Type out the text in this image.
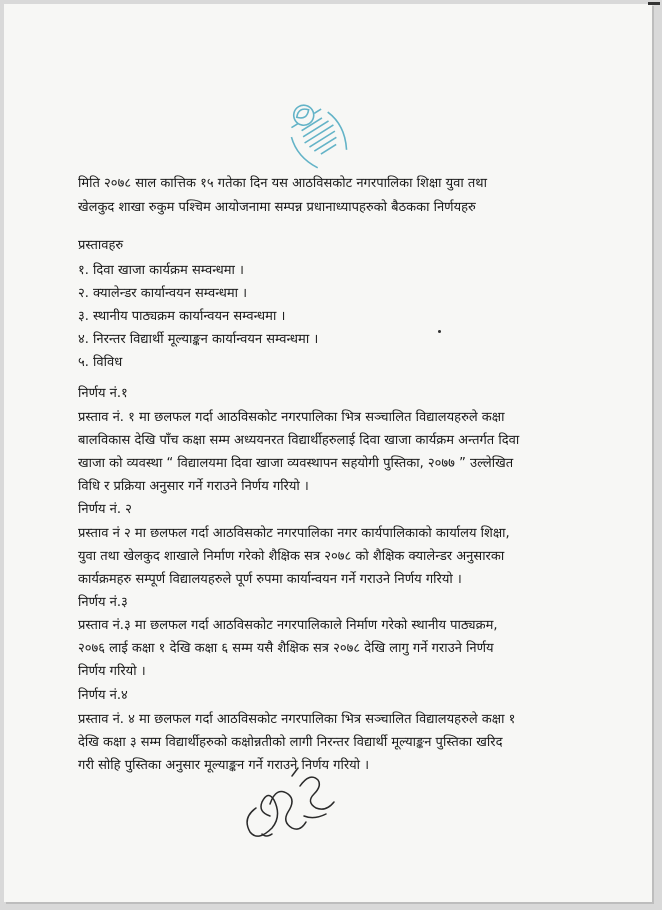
मिति २०७८ साल कात्तिक १५ गतेका दिन यस आठविसकोट नगरपालिका शिक्षा युवा तथा
खेलकुद शाखा रुकुम पश्चिम आयोजनामा सम्पन्न प्रधानाध्यापहरुको बैठकका निर्णयहरु
प्रस्तावहरु
१. दिवा खाजा कार्यक्रम सम्वन्धमा ।
२. क्यालेन्डर कार्यान्वयन सम्वन्धमा ।
३. स्थानीय पाठ्यक्रम कार्यान्वयन सम्वन्धमा ।
४. निरन्तर विद्यार्थी मूल्याङ्कन कार्यान्वयन सम्वन्धमा ।
५. विविध
निर्णय नं.१
प्रस्ताव नं. १ मा छलफल गर्दा आठविसकोट नगरपालिका भित्र सञ्चालित विद्यालयहरुले कक्षा
बालविकास देखि पाँच कक्षा सम्म अध्ययनरत विद्यार्थीहरुलाई दिवा खाजा कार्यक्रम अन्तर्गत दिवा
खाजा को व्यवस्था “ विद्यालयमा दिवा खाजा व्यवस्थापन सहयोगी पुस्तिका, २०७७ ” उल्लेखित
विधि र प्रक्रिया अनुसार गर्ने गराउने निर्णय गरियो ।
निर्णय नं. २
प्रस्ताव नं २ मा छलफल गर्दा आठविसकोट नगरपालिका नगर कार्यपालिकाको कार्यालय शिक्षा,
युवा तथा खेलकुद शाखाले निर्माण गरेको शैक्षिक सत्र २०७८ को शैक्षिक क्यालेन्डर अनुसारका
कार्यक्रमहरु सम्पूर्ण विद्यालयहरुले पूर्ण रुपमा कार्यान्वयन गर्ने गराउने निर्णय गरियो ।
निर्णय नं.३
प्रस्ताव नं.३ मा छलफल गर्दा आठविसकोट नगरपालिकाले निर्माण गरेको स्थानीय पाठ्यक्रम,
२०७६ लाई कक्षा १ देखि कक्षा ६ सम्म यसै शैक्षिक सत्र २०७८ देखि लागु गर्ने गराउने निर्णय
निर्णय गरियो ।
निर्णय नं.४
प्रस्ताव नं. ४ मा छलफल गर्दा आठविसकोट नगरपालिका भित्र सञ्चालित विद्यालयहरुले कक्षा १
देखि कक्षा ३ सम्म विद्यार्थीहरुको कक्षोन्नतीको लागी निरन्तर विद्यार्थी मूल्याङ्कन पुस्तिका खरिद
गरी सोहि पुस्तिका अनुसार मूल्याङ्कन गर्ने गराउने निर्णय गरियो ।
